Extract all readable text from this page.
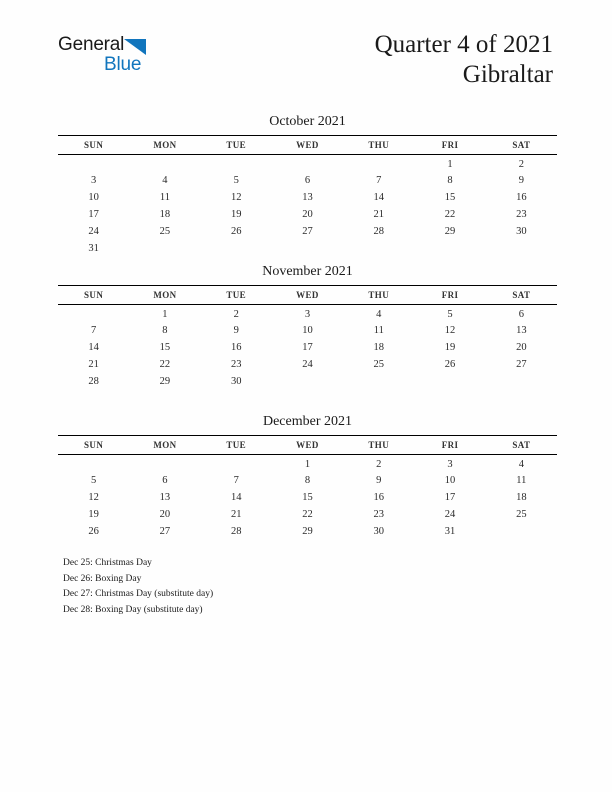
General
Blue
Quarter 4 of 2021
Gibraltar
October 2021
SUN	MON	TUE	WED	THU	FRI	SAT
					1	2
3	4	5	6	7	8	9
10	11	12	13	14	15	16
17	18	19	20	21	22	23
24	25	26	27	28	29	30
31						
November 2021
SUN	MON	TUE	WED	THU	FRI	SAT
	1	2	3	4	5	6
7	8	9	10	11	12	13
14	15	16	17	18	19	20
21	22	23	24	25	26	27
28	29	30				
December 2021
SUN	MON	TUE	WED	THU	FRI	SAT
			1	2	3	4
5	6	7	8	9	10	11
12	13	14	15	16	17	18
19	20	21	22	23	24	25
26	27	28	29	30	31	
Dec 25: Christmas Day
Dec 26: Boxing Day
Dec 27: Christmas Day (substitute day)
Dec 28: Boxing Day (substitute day)
